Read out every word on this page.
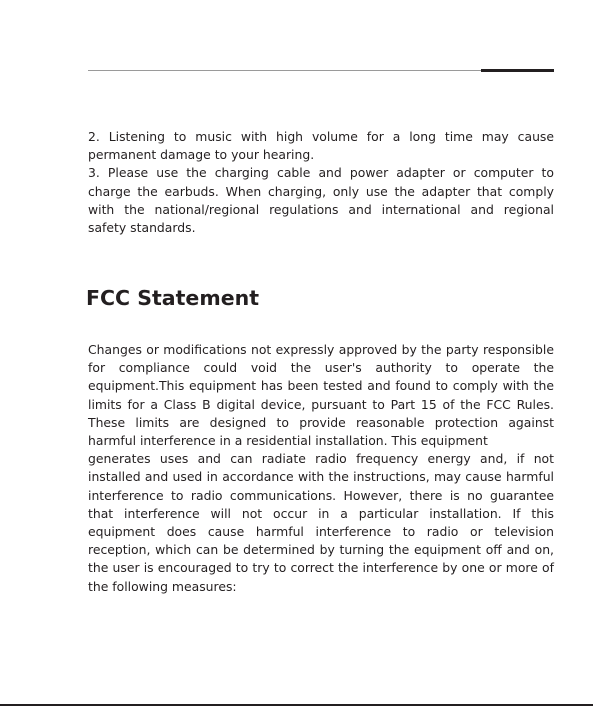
2. Listening to music with high volume for a long time may cause permanent damage to your hearing.

3. Please use the charging cable and power adapter or computer to charge the earbuds. When charging, only use the adapter that comply with the national/regional regulations and international and regional safety standards.

FCC Statement

Changes or modifications not expressly approved by the party responsible for compliance could void the user's authority to operate the equipment.This equipment has been tested and found to comply with the limits for a Class B digital device, pursuant to Part 15 of the FCC Rules. These limits are designed to provide reasonable protection against harmful interference in a residential installation. This equipment

generates uses and can radiate radio frequency energy and, if not installed and used in accordance with the instructions, may cause harmful interference to radio communications. However, there is no guarantee that interference will not occur in a particular installation. If this equipment does cause harmful interference to radio or television reception, which can be determined by turning the equipment off and on, the user is encouraged to try to correct the interference by one or more of the following measures:
